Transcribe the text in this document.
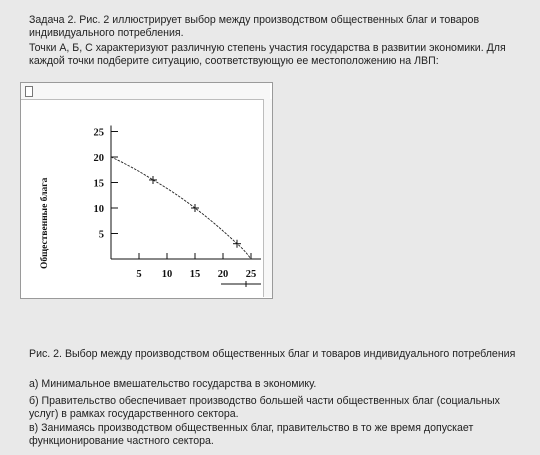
Задача 2. Рис. 2 иллюстрирует выбор между производством общественных благ и товаров индивидуального потребления.

Точки А, Б, С характеризуют различную степень участия государства в развитии экономики. Для каждой точки подберите ситуацию, соответствующую ее местоположению на ЛВП:

5
10
15
20
25
5 10 15 20 25
Общественные блага

Рис. 2. Выбор между производством общественных благ и товаров индивидуального потребления

а) Минимальное вмешательство государства в экономику.

б) Правительство обеспечивает производство большей части общественных благ (социальных услуг) в рамках государственного сектора.

в) Занимаясь производством общественных благ, правительство в то же время допускает функционирование частного сектора.
